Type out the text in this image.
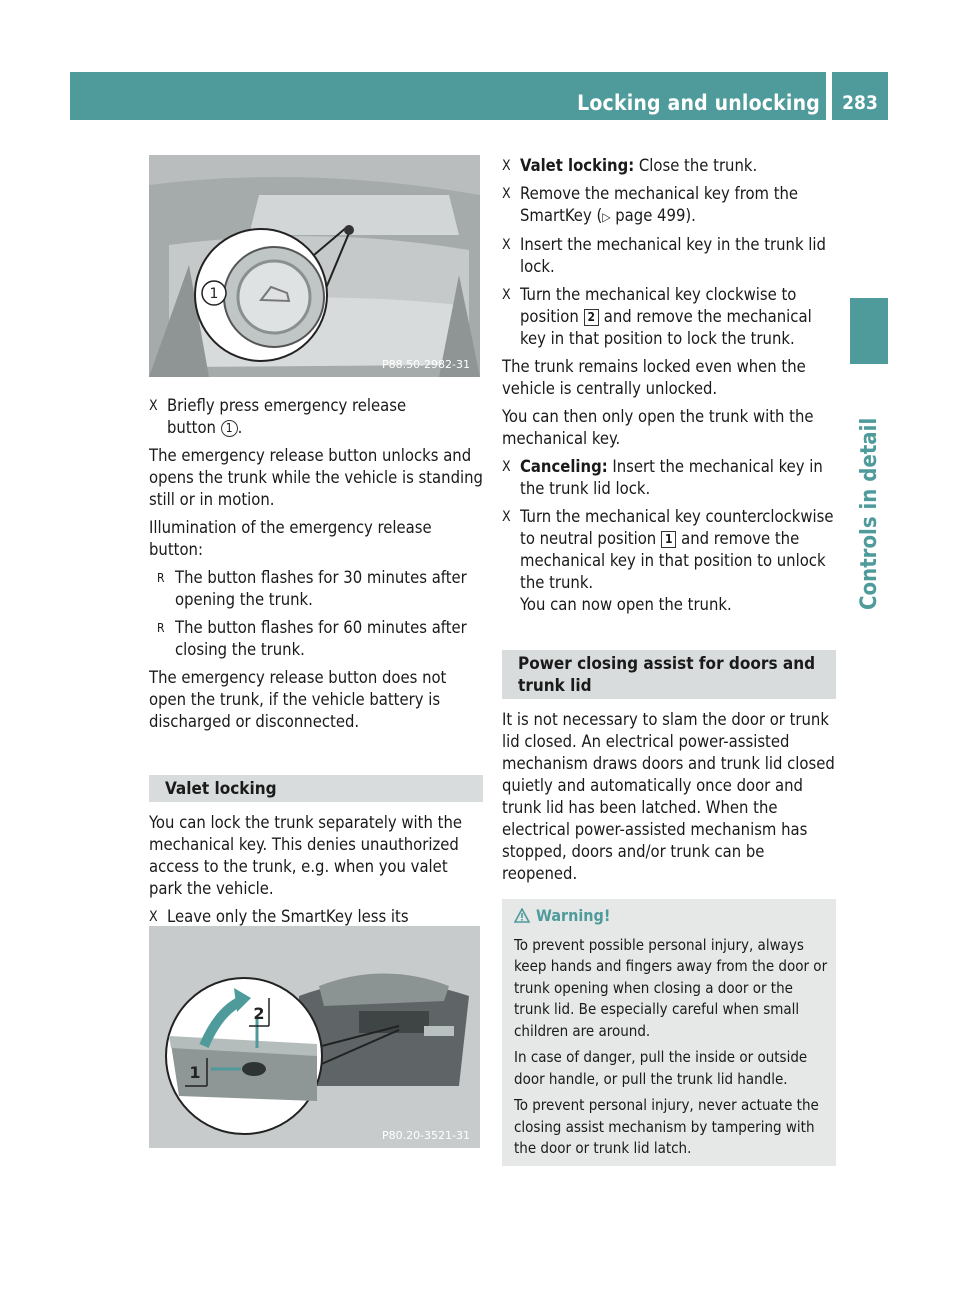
Locking and unlocking	283
Controls in detail
1
P88.50-2982-31
X Briefly press emergency release
button 1 .

The emergency release button unlocks and opens the trunk while the vehicle is standing still or in motion.

Illumination of the emergency release button:

R The button flashes for 30 minutes after opening the trunk.
R The button flashes for 60 minutes after closing the trunk.

The emergency release button does not open the trunk, if the vehicle battery is discharged or disconnected.

Valet locking

You can lock the trunk separately with the mechanical key. This denies unauthorized access to the trunk, e.g. when you valet park the vehicle.

X Leave only the SmartKey less its
2
1
P80.20-3521-31
X Valet locking: Close the trunk.
X Remove the mechanical key from the SmartKey (▷ page 499).
X Insert the mechanical key in the trunk lid lock.
X Turn the mechanical key clockwise to position 2 and remove the mechanical key in that position to lock the trunk.

The trunk remains locked even when the vehicle is centrally unlocked.

You can then only open the trunk with the mechanical key.

X Canceling: Insert the mechanical key in the trunk lid lock.
X Turn the mechanical key counterclockwise to neutral position 1 and remove the mechanical key in that position to unlock the trunk.
You can now open the trunk.
Power closing assist for doors and trunk lid

It is not necessary to slam the door or trunk lid closed. An electrical power-assisted mechanism draws doors and trunk lid closed quietly and automatically once door and trunk lid has been latched. When the electrical power-assisted mechanism has stopped, doors and/or trunk can be reopened.

Warning!

To prevent possible personal injury, always keep hands and fingers away from the door or trunk opening when closing a door or the trunk lid. Be especially careful when small children are around.

In case of danger, pull the inside or outside door handle, or pull the trunk lid handle.

To prevent personal injury, never actuate the closing assist mechanism by tampering with the door or trunk lid latch.
